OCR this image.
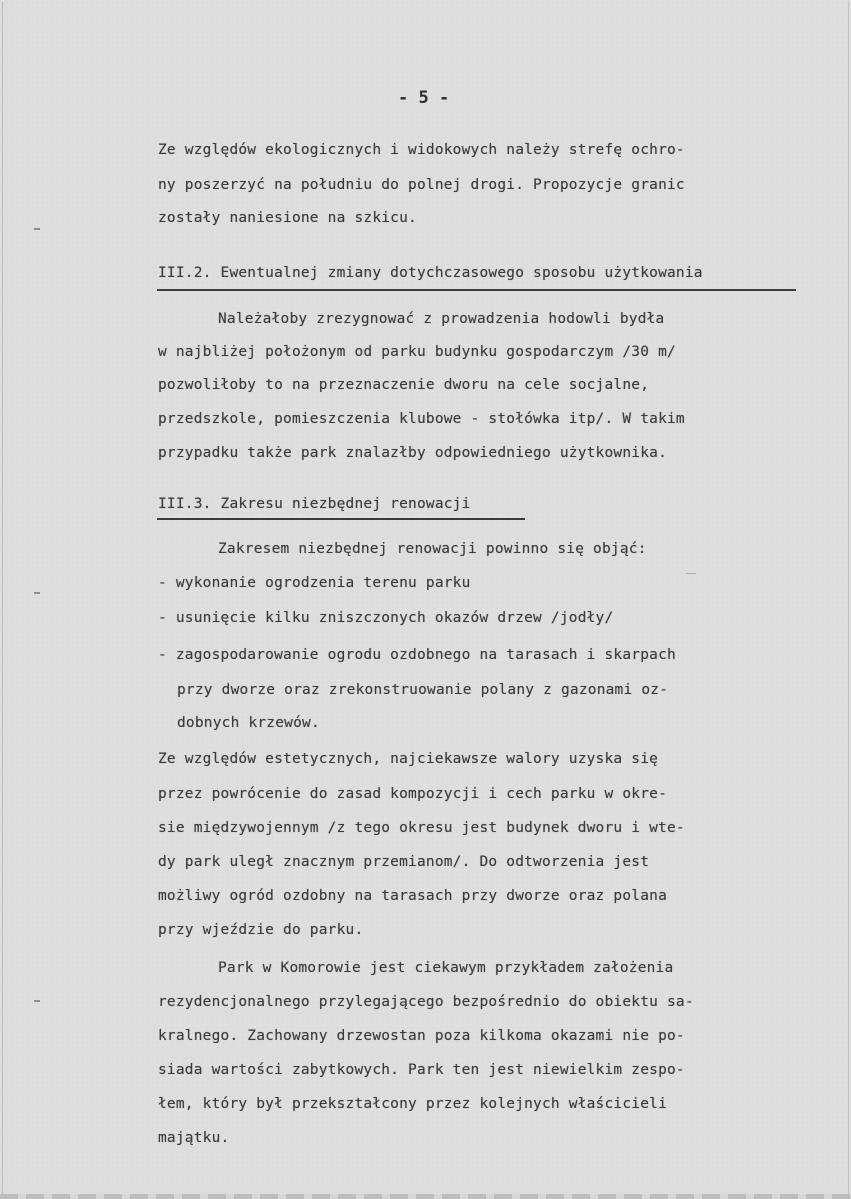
- 5 -
Ze względów ekologicznych i widokowych należy strefę ochro-
ny poszerzyć na południu do polnej drogi. Propozycje granic
zostały naniesione na szkicu.
III.2. Ewentualnej zmiany dotychczasowego sposobu użytkowania
Należałoby zrezygnować z prowadzenia hodowli bydła
w najbliżej położonym od parku budynku gospodarczym /30 m/
pozwoliłoby to na przeznaczenie dworu na cele socjalne,
przedszkole, pomieszczenia klubowe - stołówka itp/. W takim
przypadku także park znalazłby odpowiedniego użytkownika.
III.3. Zakresu niezbędnej renowacji
Zakresem niezbędnej renowacji powinno się objąć:
- wykonanie ogrodzenia terenu parku
- usunięcie kilku zniszczonych okazów drzew /jodły/
- zagospodarowanie ogrodu ozdobnego na tarasach i skarpach
przy dworze oraz zrekonstruowanie polany z gazonami oz-
dobnych krzewów.
Ze względów estetycznych, najciekawsze walory uzyska się
przez powrócenie do zasad kompozycji i cech parku w okre-
sie międzywojennym /z tego okresu jest budynek dworu i wte-
dy park uległ znacznym przemianom/. Do odtworzenia jest
możliwy ogród ozdobny na tarasach przy dworze oraz polana
przy wjeździe do parku.
Park w Komorowie jest ciekawym przykładem założenia
rezydencjonalnego przylegającego bezpośrednio do obiektu sa-
kralnego. Zachowany drzewostan poza kilkoma okazami nie po-
siada wartości zabytkowych. Park ten jest niewielkim zespo-
łem, który był przekształcony przez kolejnych właścicieli
majątku.
